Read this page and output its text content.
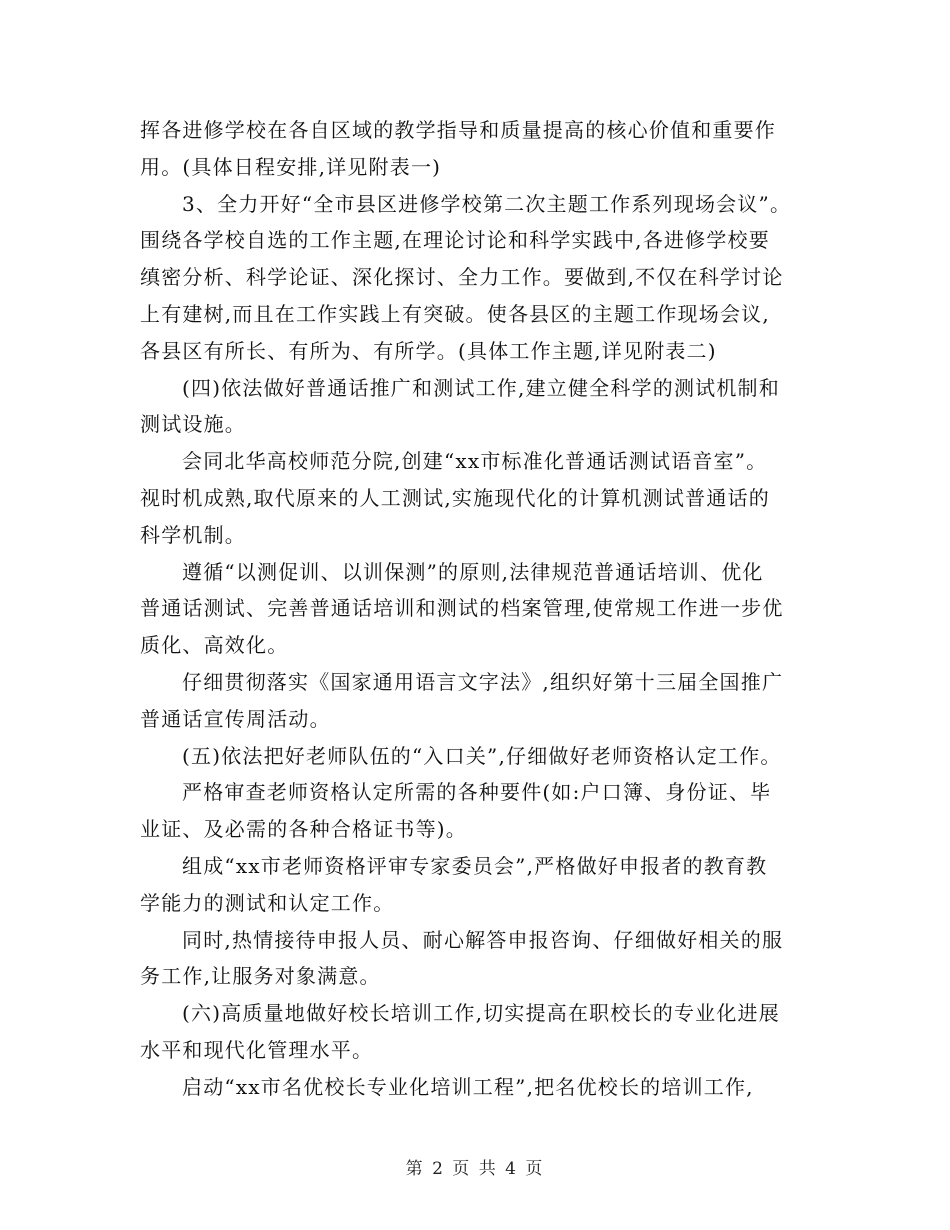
挥各进修学校在各自区域的教学指导和质量提高的核心价值和重要作
用。(具体日程安排,详见附表一)
3、全力开好“全市县区进修学校第二次主题工作系列现场会议”。
围绕各学校自选的工作主题,在理论讨论和科学实践中,各进修学校要
缜密分析、科学论证、深化探讨、全力工作。要做到,不仅在科学讨论
上有建树,而且在工作实践上有突破。使各县区的主题工作现场会议,
各县区有所长、有所为、有所学。(具体工作主题,详见附表二)
(四)依法做好普通话推广和测试工作,建立健全科学的测试机制和
测试设施。
会同北华高校师范分院,创建“xx市标准化普通话测试语音室”。
视时机成熟,取代原来的人工测试,实施现代化的计算机测试普通话的
科学机制。
遵循“以测促训、以训保测”的原则,法律规范普通话培训、优化
普通话测试、完善普通话培训和测试的档案管理,使常规工作进一步优
质化、高效化。
仔细贯彻落实《国家通用语言文字法》,组织好第十三届全国推广
普通话宣传周活动。
(五)依法把好老师队伍的“入口关”,仔细做好老师资格认定工作。
严格审查老师资格认定所需的各种要件(如:户口簿、身份证、毕
业证、及必需的各种合格证书等)。
组成“xx市老师资格评审专家委员会”,严格做好申报者的教育教
学能力的测试和认定工作。
同时,热情接待申报人员、耐心解答申报咨询、仔细做好相关的服
务工作,让服务对象满意。
(六)高质量地做好校长培训工作,切实提高在职校长的专业化进展
水平和现代化管理水平。
启动“xx市名优校长专业化培训工程”,把名优校长的培训工作,
第 2 页 共 4 页
